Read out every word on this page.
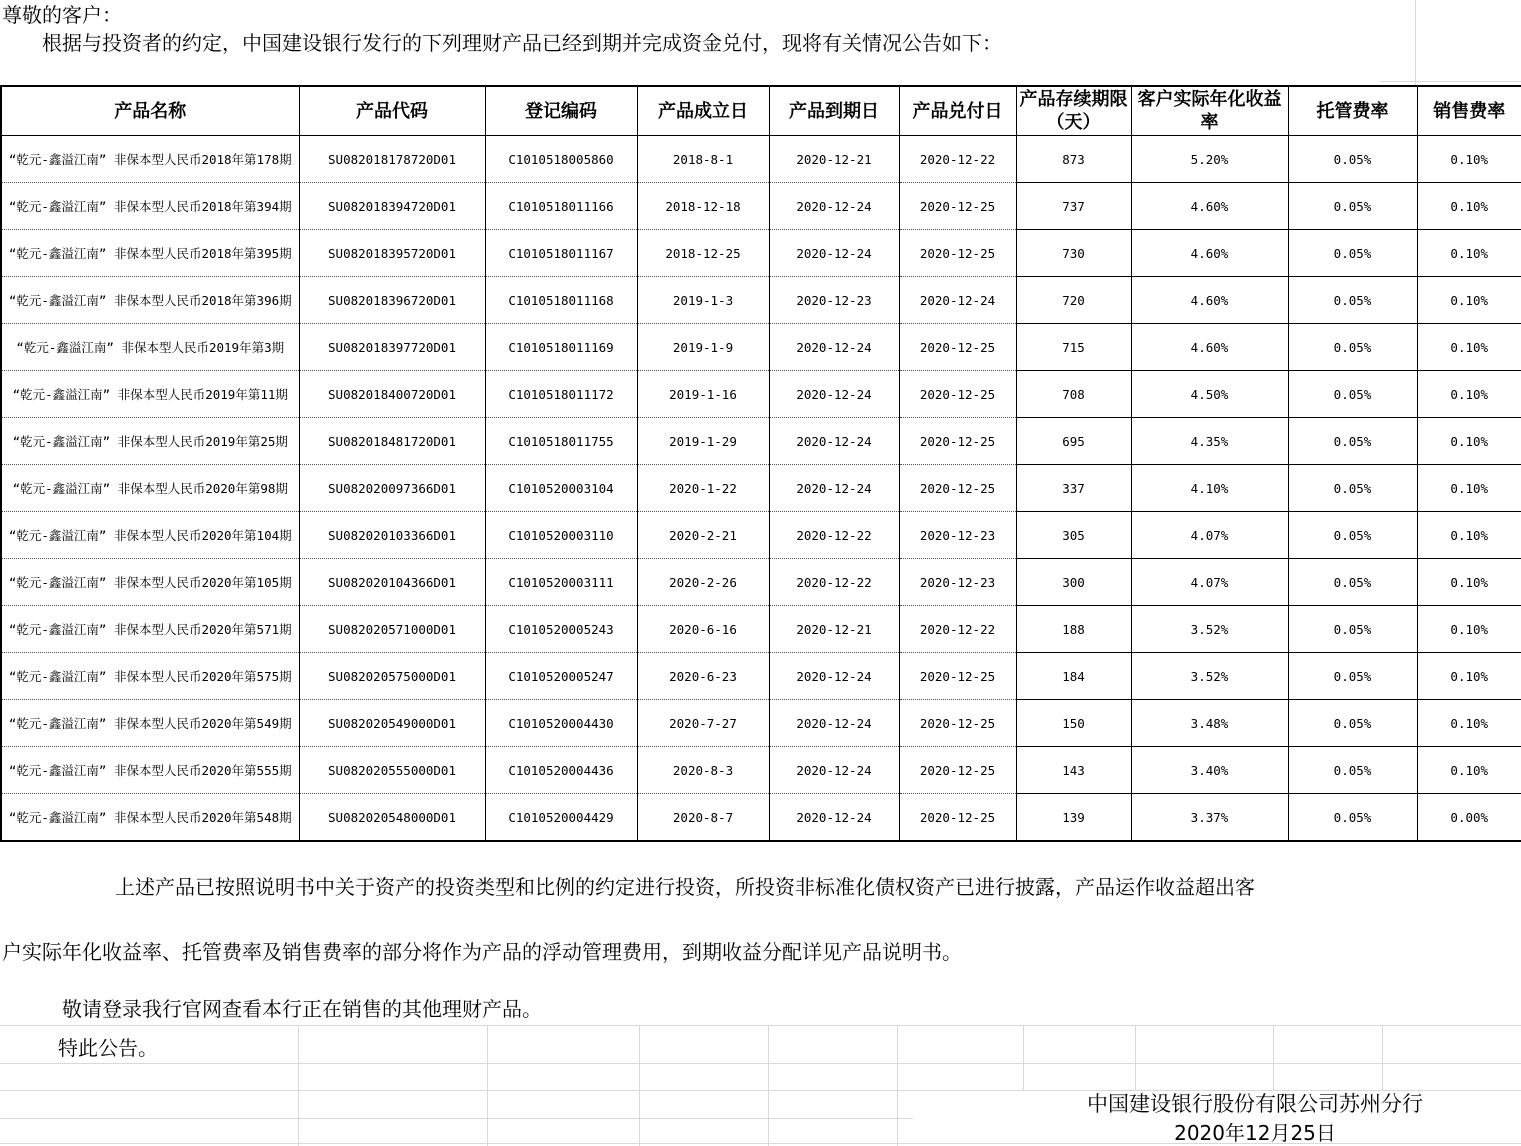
尊敬的客户：
根据与投资者的约定，中国建设银行发行的下列理财产品已经到期并完成资金兑付，现将有关情况公告如下：
产品名称	产品代码	登记编码	产品成立日	产品到期日	产品兑付日	产品存续期限（天）	客户实际年化收益率	托管费率	销售费率
“乾元-鑫溢江南” 非保本型人民币2018年第178期	SU082018178720D01	C1010518005860	2018-8-1	2020-12-21	2020-12-22	873	5.20%	0.05%	0.10%
“乾元-鑫溢江南” 非保本型人民币2018年第394期	SU082018394720D01	C1010518011166	2018-12-18	2020-12-24	2020-12-25	737	4.60%	0.05%	0.10%
“乾元-鑫溢江南” 非保本型人民币2018年第395期	SU082018395720D01	C1010518011167	2018-12-25	2020-12-24	2020-12-25	730	4.60%	0.05%	0.10%
“乾元-鑫溢江南” 非保本型人民币2018年第396期	SU082018396720D01	C1010518011168	2019-1-3	2020-12-23	2020-12-24	720	4.60%	0.05%	0.10%
“乾元-鑫溢江南” 非保本型人民币2019年第3期	SU082018397720D01	C1010518011169	2019-1-9	2020-12-24	2020-12-25	715	4.60%	0.05%	0.10%
“乾元-鑫溢江南” 非保本型人民币2019年第11期	SU082018400720D01	C1010518011172	2019-1-16	2020-12-24	2020-12-25	708	4.50%	0.05%	0.10%
“乾元-鑫溢江南” 非保本型人民币2019年第25期	SU082018481720D01	C1010518011755	2019-1-29	2020-12-24	2020-12-25	695	4.35%	0.05%	0.10%
“乾元-鑫溢江南” 非保本型人民币2020年第98期	SU082020097366D01	C1010520003104	2020-1-22	2020-12-24	2020-12-25	337	4.10%	0.05%	0.10%
“乾元-鑫溢江南” 非保本型人民币2020年第104期	SU082020103366D01	C1010520003110	2020-2-21	2020-12-22	2020-12-23	305	4.07%	0.05%	0.10%
“乾元-鑫溢江南” 非保本型人民币2020年第105期	SU082020104366D01	C1010520003111	2020-2-26	2020-12-22	2020-12-23	300	4.07%	0.05%	0.10%
“乾元-鑫溢江南” 非保本型人民币2020年第571期	SU082020571000D01	C1010520005243	2020-6-16	2020-12-21	2020-12-22	188	3.52%	0.05%	0.10%
“乾元-鑫溢江南” 非保本型人民币2020年第575期	SU082020575000D01	C1010520005247	2020-6-23	2020-12-24	2020-12-25	184	3.52%	0.05%	0.10%
“乾元-鑫溢江南” 非保本型人民币2020年第549期	SU082020549000D01	C1010520004430	2020-7-27	2020-12-24	2020-12-25	150	3.48%	0.05%	0.10%
“乾元-鑫溢江南” 非保本型人民币2020年第555期	SU082020555000D01	C1010520004436	2020-8-3	2020-12-24	2020-12-25	143	3.40%	0.05%	0.10%
“乾元-鑫溢江南” 非保本型人民币2020年第548期	SU082020548000D01	C1010520004429	2020-8-7	2020-12-24	2020-12-25	139	3.37%	0.05%	0.00%
上述产品已按照说明书中关于资产的投资类型和比例的约定进行投资，所投资非标准化债权资产已进行披露，产品运作收益超出客
户实际年化收益率、托管费率及销售费率的部分将作为产品的浮动管理费用，到期收益分配详见产品说明书。
敬请登录我行官网查看本行正在销售的其他理财产品。
特此公告。
中国建设银行股份有限公司苏州分行
2020年12月25日
